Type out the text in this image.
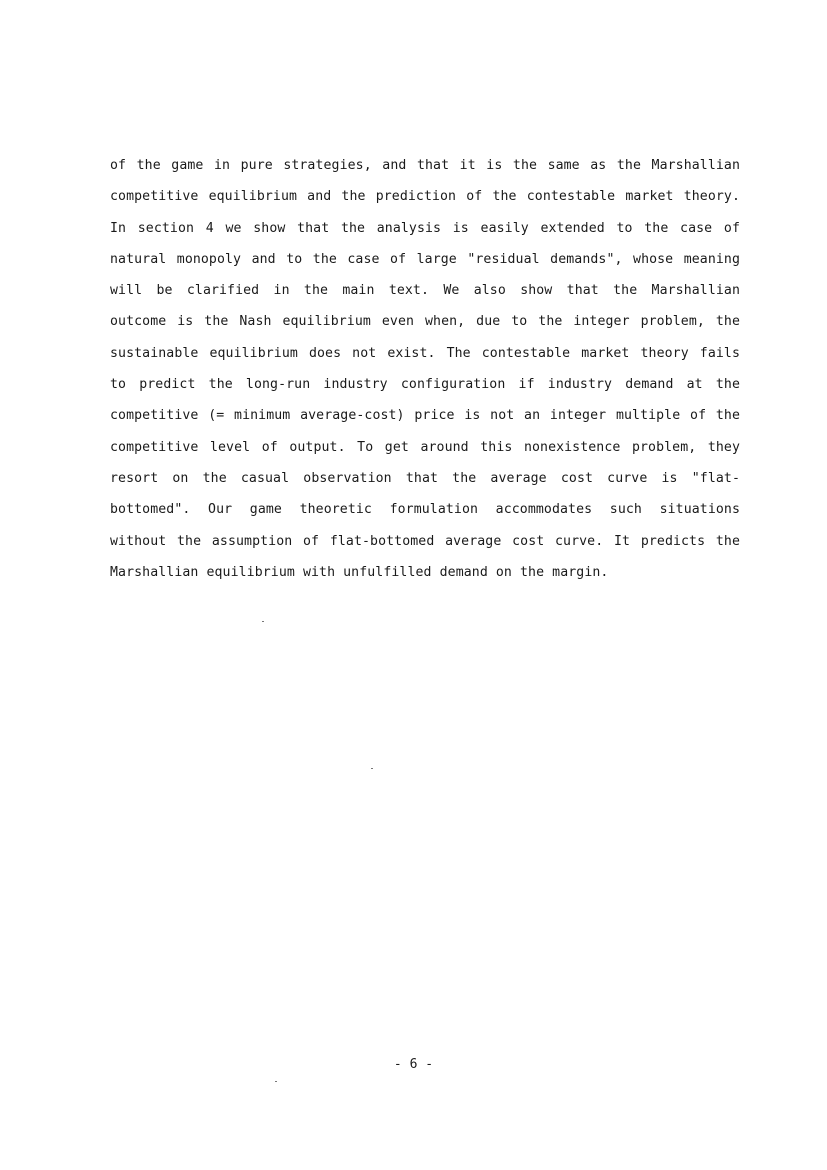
of the game in pure strategies, and that it is the same as the Marshallian
competitive equilibrium and the prediction of the contestable market theory.
In section 4 we show that the analysis is easily extended to the case of
natural monopoly and to the case of large "residual demands", whose meaning
will be clarified in the main text. We also show that the Marshallian
outcome is the Nash equilibrium even when, due to the integer problem, the
sustainable equilibrium does not exist. The contestable market theory fails
to predict the long-run industry configuration if industry demand at the
competitive (= minimum average-cost) price is not an integer multiple of the
competitive level of output. To get around this nonexistence problem, they
resort on the casual observation that the average cost curve is "flat-
bottomed". Our game theoretic formulation accommodates such situations
without the assumption of flat-bottomed average cost curve. It predicts the
Marshallian equilibrium with unfulfilled demand on the margin.
- 6 -
